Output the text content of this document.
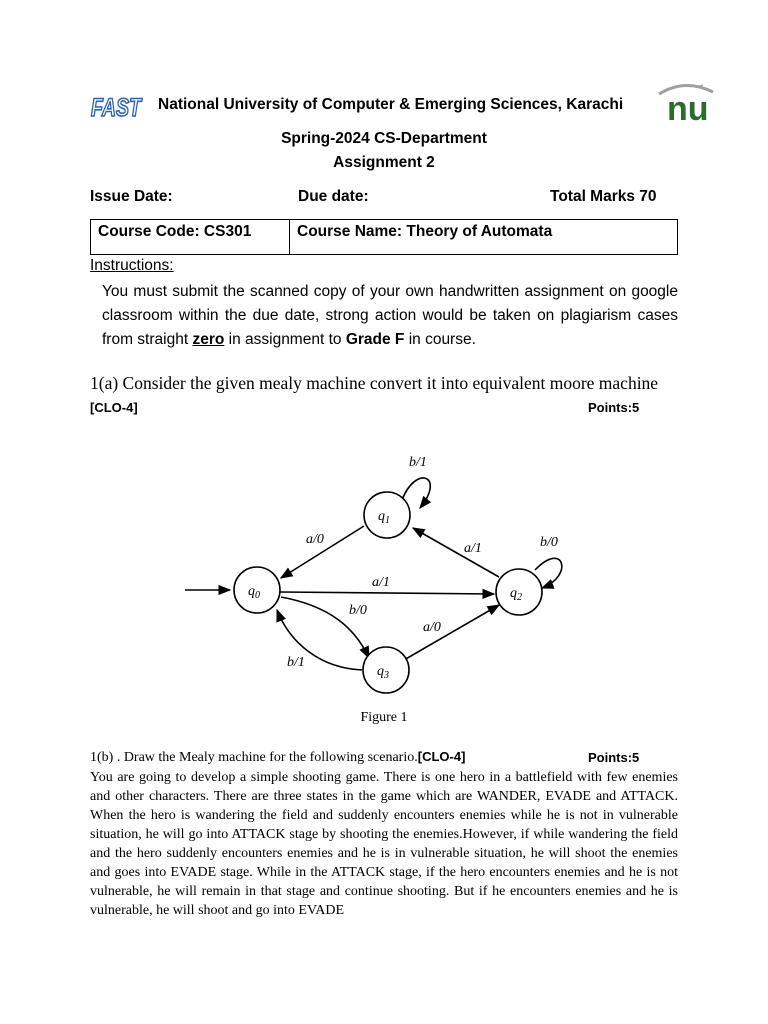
FAST National University of Computer & Emerging Sciences, Karachi nu
Spring-2024 CS-Department
Assignment 2
Issue Date:	Due date:	Total Marks 70
Course Code: CS301	Course Name: Theory of Automata
Instructions:
You must submit the scanned copy of your own handwritten assignment on google classroom within the due date, strong action would be taken on plagiarism cases from straight zero in assignment to Grade F in course.
1(a) Consider the given mealy machine convert it into equivalent moore machine
[CLO-4]	Points:5
$q_0$
$q_1$
$q_2$
$q_3$
b/1
a/0
a/1	b/0
a/1
b/0
a/0
b/1
Figure 1
1(b) . Draw the Mealy machine for the following scenario.[CLO-4]	Points:5
You are going to develop a simple shooting game. There is one hero in a battlefield with few enemies and other characters. There are three states in the game which are WANDER, EVADE and ATTACK. When the hero is wandering the field and suddenly encounters enemies while he is not in vulnerable situation, he will go into ATTACK stage by shooting the enemies.However, if while wandering the field and the hero suddenly encounters enemies and he is in vulnerable situation, he will shoot the enemies and goes into EVADE stage. While in the ATTACK stage, if the hero encounters enemies and he is not vulnerable, he will remain in that stage and continue shooting. But if he encounters enemies and he is vulnerable, he will shoot and go into EVADE
